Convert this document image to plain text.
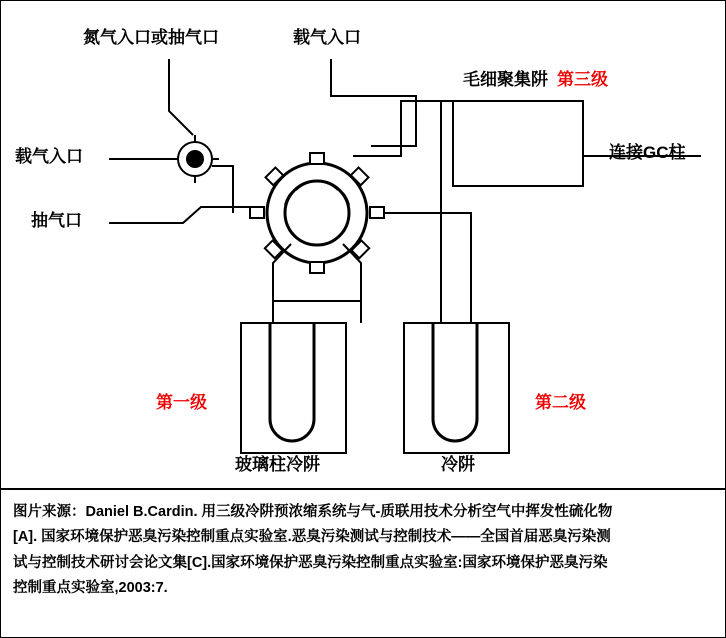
氮气入口或抽气口	载气入口
载气入口
抽气口
毛细聚集阱 第三级
连接GC柱
第一级	第二级
玻璃柱冷阱	冷阱
图片来源：Daniel B.Cardin. 用三级冷阱预浓缩系统与气-质联用技术分析空气中挥发性硫化物
[A]. 国家环境保护恶臭污染控制重点实验室.恶臭污染测试与控制技术——全国首届恶臭污染测
试与控制技术研讨会论文集[C].国家环境保护恶臭污染控制重点实验室:国家环境保护恶臭污染
控制重点实验室,2003:7.
